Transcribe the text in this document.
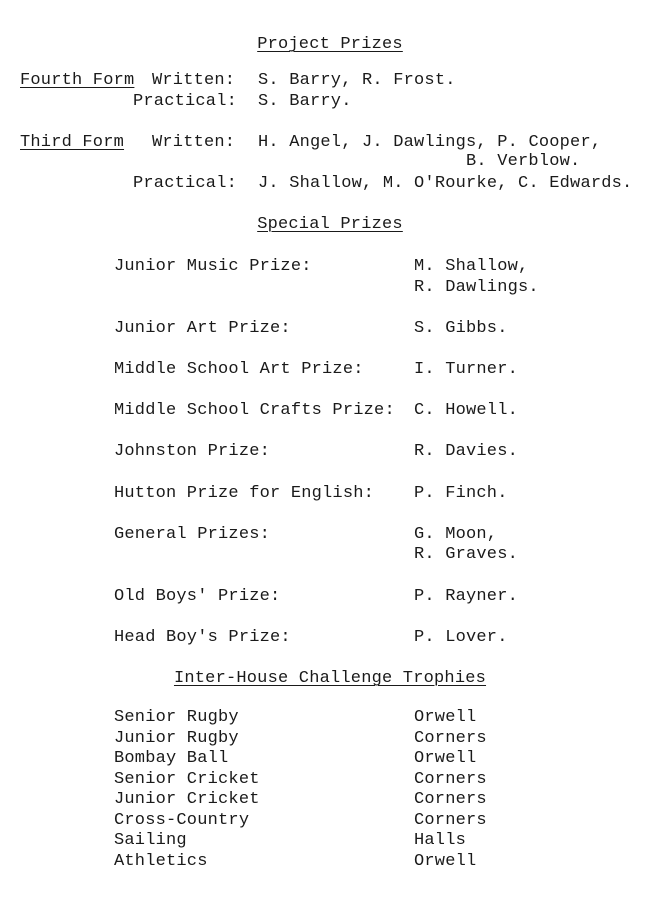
Project Prizes
Fourth Form Written: S. Barry, R. Frost.
Practical: S. Barry.
Third Form Written: H. Angel, J. Dawlings, P. Cooper,
B. Verblow.
Practical: J. Shallow, M. O'Rourke, C. Edwards.
Special Prizes
Junior Music Prize:	M. Shallow,
R. Dawlings.
Junior Art Prize:	S. Gibbs.
Middle School Art Prize:	I. Turner.
Middle School Crafts Prize: C. Howell.
Johnston Prize:	R. Davies.
Hutton Prize for English: P. Finch.
General Prizes:	G. Moon,
R. Graves.
Old Boys' Prize:	P. Rayner.
Head Boy's Prize:	P. Lover.
Inter-House Challenge Trophies
Senior Rugby	Orwell
Junior Rugby	Corners
Bombay Ball	Orwell
Senior Cricket	Corners
Junior Cricket	Corners
Cross-Country	Corners
Sailing	Halls
Athletics	Orwell
